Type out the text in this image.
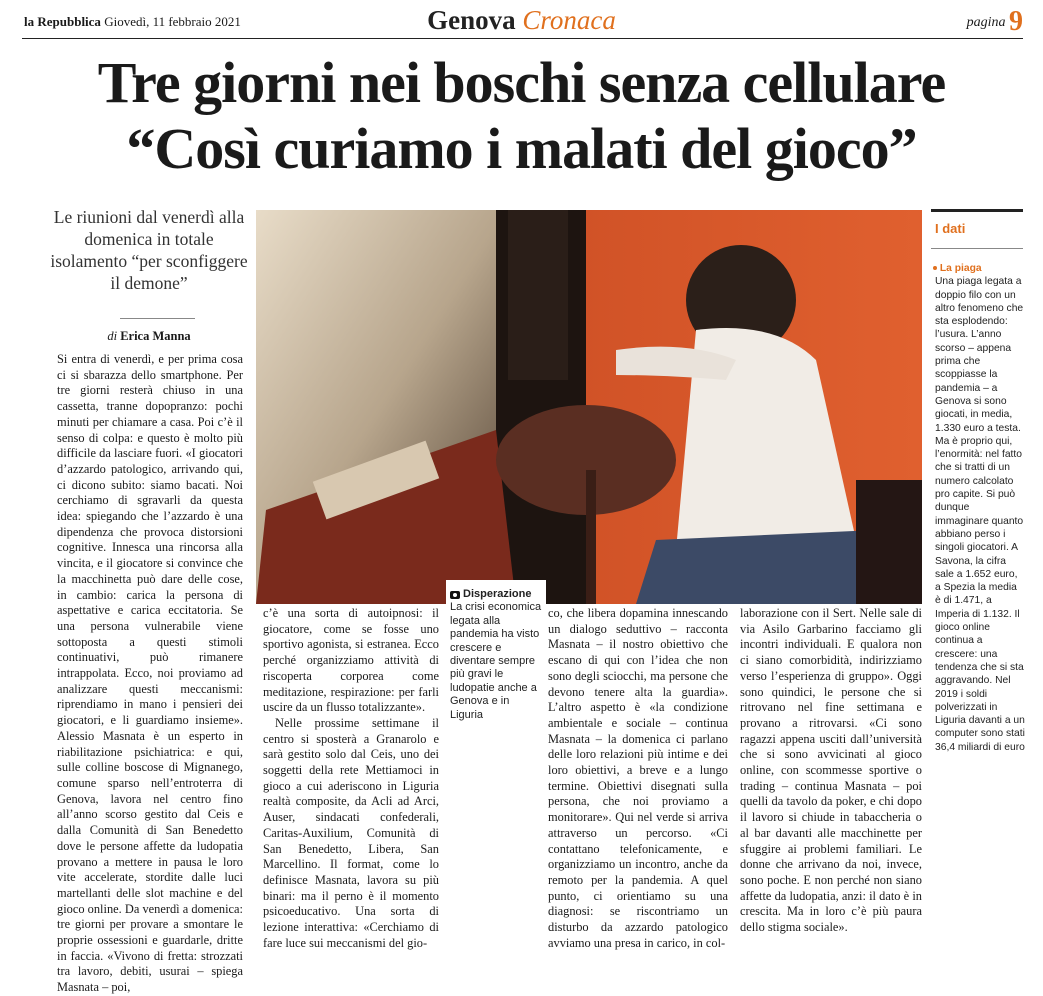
la Repubblica Giovedì, 11 febbraio 2021	Genova Cronaca	pagina 9
Tre giorni nei boschi senza cellulare
“Così curiamo i malati del gioco”
Le riunioni dal venerdì alla domenica in totale isolamento “per sconfiggere il demone”
di Erica Manna

Si entra di venerdì, e per prima cosa ci si sbarazza dello smartphone. Per tre giorni resterà chiuso in una cassetta, tranne dopopranzo: pochi minuti per chiamare a casa. Poi c’è il senso di colpa: e questo è molto più difficile da lasciare fuori. «I giocatori d’azzardo patologico, arrivando qui, ci dicono subito: siamo bacati. Noi cerchiamo di sgravarli da questa idea: spiegando che l’azzardo è una dipendenza che provoca distorsioni cognitive. Innesca una rincorsa alla vincita, e il giocatore si convince che la macchinetta può dare delle cose, in cambio: carica la persona di aspettative e carica eccitatoria. Se una persona vulnerabile viene sottoposta a questi stimoli continuativi, può rimanere intrappolata. Ecco, noi proviamo ad analizzare questi meccanismi: riprendiamo in mano i pensieri dei giocatori, e li guardiamo insieme». Alessio Masnata è un esperto in riabilitazione psichiatrica: e qui, sulle colline boscose di Mignanego, comune sparso nell’entroterra di Genova, lavora nel centro fino all’anno scorso gestito dal Ceis e dalla Comunità di San Benedetto dove le persone affette da ludopatia provano a mettere in pausa le loro vite accelerate, stordite dalle luci martellanti delle slot machine e del gioco online. Da venerdì a domenica: tre giorni per provare a smontare le proprie ossessioni e guardarle, dritte in faccia. «Vivono di fretta: strozzati tra lavoro, debiti, usurai – spiega Masnata – poi,

Disperazione
La crisi economica legata alla pandemia ha visto crescere e diventare sempre più gravi le ludopatie anche a Genova e in Liguria

c’è una sorta di autoipnosi: il giocatore, come se fosse uno sportivo agonista, si estranea. Ecco perché organizziamo attività di riscoperta corporea come meditazione, respirazione: per farli uscire da un flusso totalizzante».

Nelle prossime settimane il centro si sposterà a Granarolo e sarà gestito solo dal Ceis, uno dei soggetti della rete Mettiamoci in gioco a cui aderiscono in Liguria realtà composite, da Acli ad Arci, Auser, sindacati confederali, Caritas-Auxilium, Comunità di San Benedetto, Libera, San Marcellino. Il format, come lo definisce Masnata, lavora su più binari: ma il perno è il momento psicoeducativo. Una sorta di lezione interattiva: «Cerchiamo di fare luce sui meccanismi del gio-

co, che libera dopamina innescando un dialogo seduttivo – racconta Masnata – il nostro obiettivo che escano di qui con l’idea che non sono degli sciocchi, ma persone che devono tenere alta la guardia». L’altro aspetto è «la condizione ambientale e sociale – continua Masnata – la domenica ci parlano delle loro relazioni più intime e dei loro obiettivi, a breve e a lungo termine. Obiettivi disegnati sulla persona, che noi proviamo a monitorare». Qui nel verde si arriva attraverso un percorso. «Ci contattano telefonicamente, e organizziamo un incontro, anche da remoto per la pandemia. A quel punto, ci orientiamo su una diagnosi: se riscontriamo un disturbo da azzardo patologico avviamo una presa in carico, in col-

laborazione con il Sert. Nelle sale di via Asilo Garbarino facciamo gli incontri individuali. E qualora non ci siano comorbidità, indirizziamo verso l’esperienza di gruppo». Oggi sono quindici, le persone che si ritrovano nel fine settimana e provano a ritrovarsi. «Ci sono ragazzi appena usciti dall’università che si sono avvicinati al gioco online, con scommesse sportive o trading – continua Masnata – poi quelli da tavolo da poker, e chi dopo il lavoro si chiude in tabaccheria o al bar davanti alle macchinette per sfuggire ai problemi familiari. Le donne che arrivano da noi, invece, sono poche. E non perché non siano affette da ludopatia, anzi: il dato è in crescita. Ma in loro c’è più paura dello stigma sociale».

I dati
La piaga
Una piaga legata a doppio filo con un altro fenomeno che sta esplodendo: l’usura. L’anno scorso – appena prima che scoppiasse la pandemia – a Genova si sono giocati, in media, 1.330 euro a testa. Ma è proprio qui, l’enormità: nel fatto che si tratti di un numero calcolato pro capite. Si può dunque immaginare quanto abbiano perso i singoli giocatori. A Savona, la cifra sale a 1.652 euro, a Spezia la media è di 1.471, a Imperia di 1.132. Il gioco online continua a crescere: una tendenza che si sta aggravando. Nel 2019 i soldi polverizzati in Liguria davanti a un computer sono stati 36,4 miliardi di euro
